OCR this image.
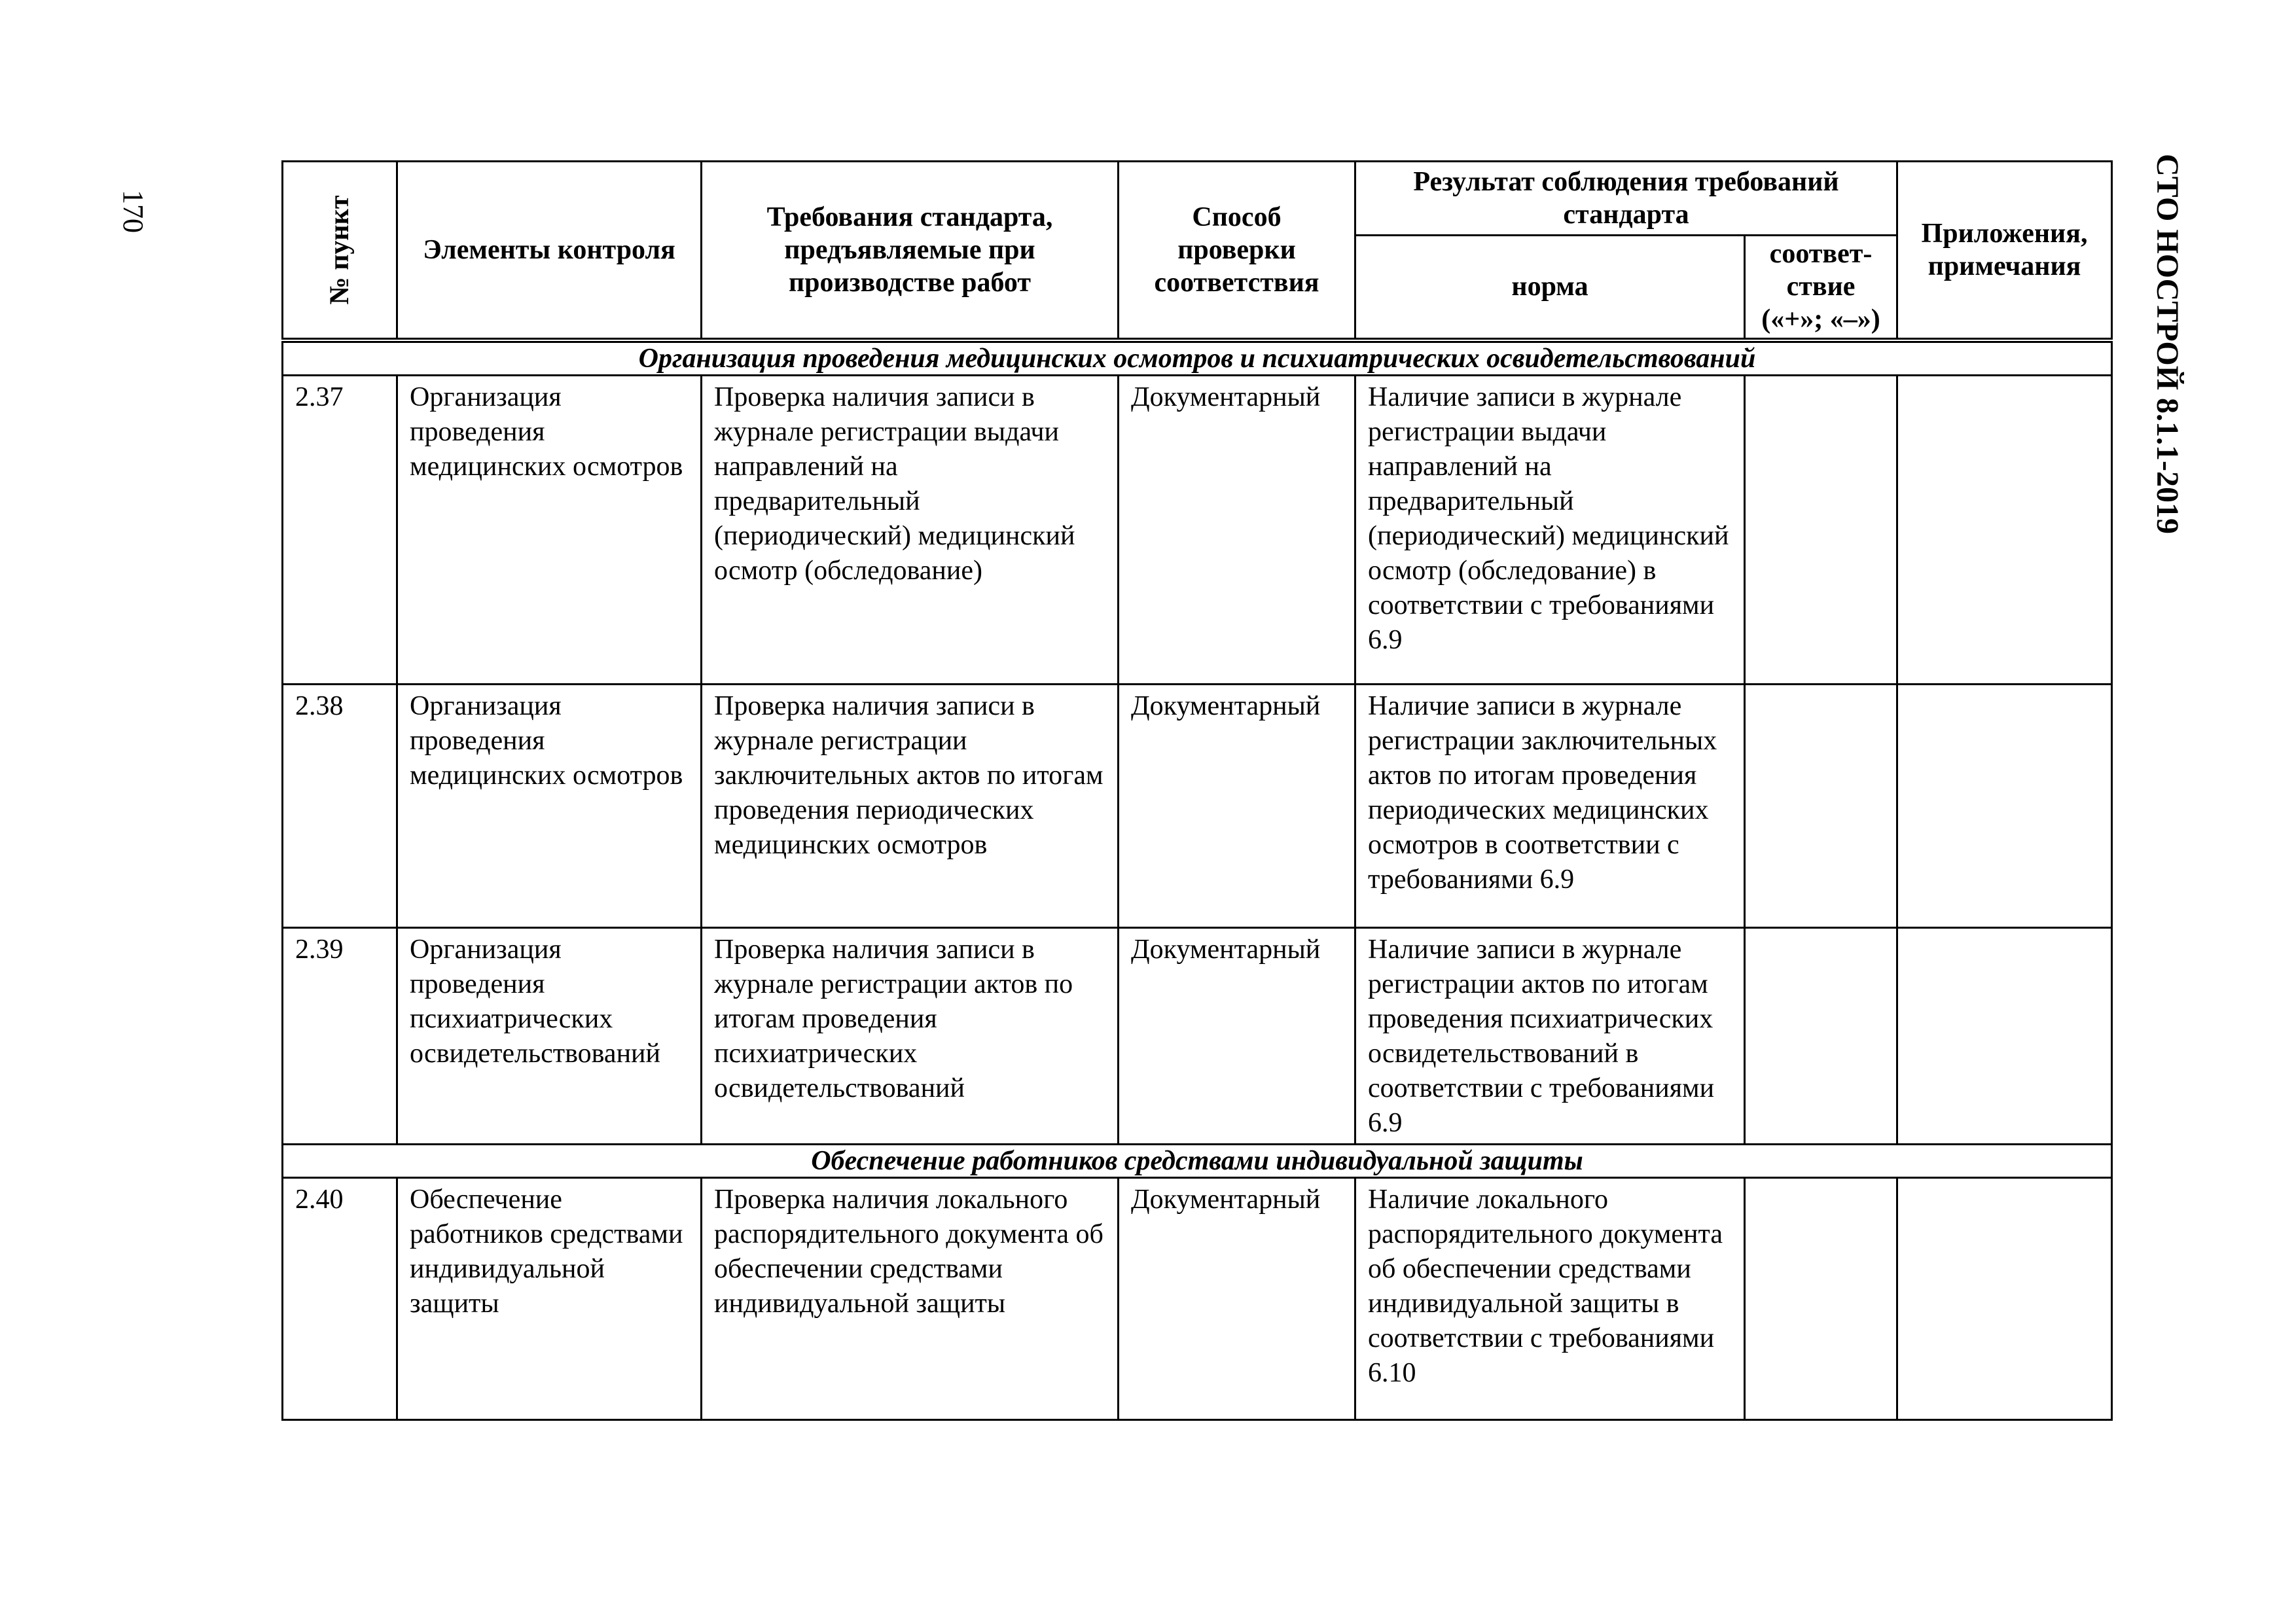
СТО НОСТРОЙ 8.1.1-2019
170	№ пункт	Элементы контроля	Требования стандарта, предъявляемые при производстве работ	Способ проверки соответствия	Результат соблюдения требований стандарта		Приложения, примечания
				норма	соответ- ствие («+»; «–»)	
Организация проведения медицинских осмотров и психиатрических освидетельствований						
2.37	Организация проведения медицинских осмотров	Проверка наличия записи в журнале регистрации выдачи направлений на предварительный (периодический) медицинский осмотр (обследование)	Документарный	Наличие записи в журнале регистрации выдачи направлений на предварительный (периодический) медицинский осмотр (обследование) в соответствии с требованиями 6.9		
2.38	Организация проведения медицинских осмотров	Проверка наличия записи в журнале регистрации заключительных актов по итогам проведения периодических медицинских осмотров	Документарный	Наличие записи в журнале регистрации заключительных актов по итогам проведения периодических медицинских осмотров в соответствии с требованиями 6.9		
2.39	Организация проведения психиатрических освидетельствований	Проверка наличия записи в журнале регистрации актов по итогам проведения психиатрических освидетельствований	Документарный	Наличие записи в журнале регистрации актов по итогам проведения психиатрических освидетельствований в соответствии с требованиями 6.9		
Обеспечение работников средствами индивидуальной защиты						
2.40	Обеспечение работников средствами индивидуальной защиты	Проверка наличия локального распорядительного документа об обеспечении средствами индивидуальной защиты	Документарный	Наличие локального распорядительного документа об обеспечении средствами индивидуальной защиты в соответствии с требованиями 6.10		
